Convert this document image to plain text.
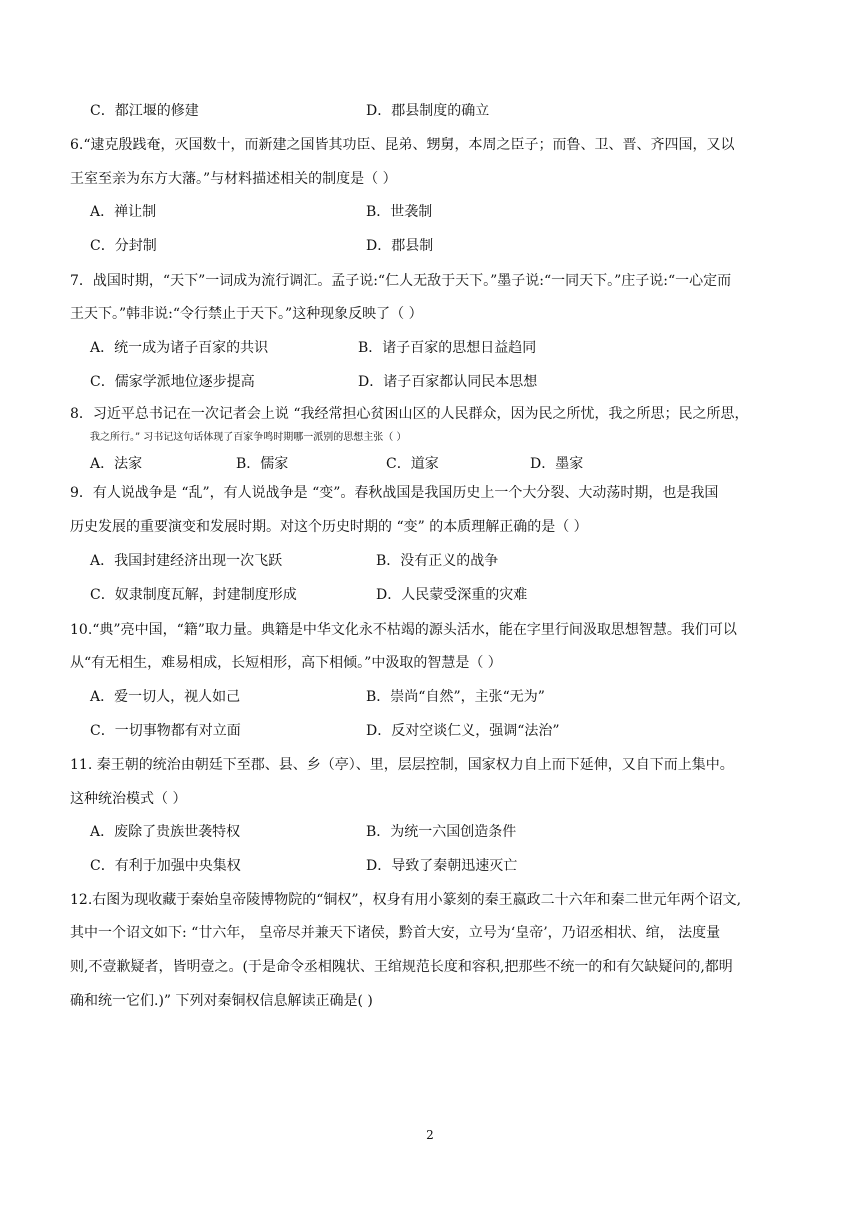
C．都江堰的修建	D．郡县制度的确立
6.“逮克殷践奄，灭国数十，而新建之国皆其功臣、昆弟、甥舅，本周之臣子；而鲁、卫、晋、齐四国，又以
王室至亲为东方大藩。”与材料描述相关的制度是（ ）
A．禅让制	B．世袭制
C．分封制	D．郡县制
7．战国时期，“天下”一词成为流行调汇。孟子说:“仁人无敌于天下。”墨子说:“一同天下。”庄子说:“一心定而
王天下。”韩非说:“令行禁止于天下。”这种现象反映了（ ）
A．统一成为诸子百家的共识	B．诸子百家的思想日益趋同
C．儒家学派地位逐步提高	D．诸子百家都认同民本思想
8．习近平总书记在一次记者会上说 “我经常担心贫困山区的人民群众，因为民之所忧，我之所思；民之所思，
我之所行。” 习书记这句话体现了百家争鸣时期哪一派别的思想主张（ ）
A．法家	B．儒家	C．道家	D．墨家
9．有人说战争是 “乱”，有人说战争是 “变”。春秋战国是我国历史上一个大分裂、大动荡时期，也是我国
历史发展的重要演变和发展时期。对这个历史时期的 “变” 的本质理解正确的是（ ）
A．我国封建经济出现一次飞跃	B．没有正义的战争
C．奴隶制度瓦解，封建制度形成	D．人民蒙受深重的灾难
10.“典”亮中国，“籍”取力量。典籍是中华文化永不枯竭的源头活水，能在字里行间汲取思想智慧。我们可以
从“有无相生，难易相成，长短相形，高下相倾。”中汲取的智慧是（ ）
A．爱一切人，视人如己	B．崇尚“自然”，主张“无为”
C．一切事物都有对立面	D．反对空谈仁义，强调“法治”
11. 秦王朝的统治由朝廷下至郡、县、乡（亭）、里，层层控制，国家权力自上而下延伸，又自下而上集中。
这种统治模式（ ）
A．废除了贵族世袭特权	B．为统一六国创造条件
C．有利于加强中央集权	D．导致了秦朝迅速灭亡
12.右图为现收藏于秦始皇帝陵博物院的“铜权”，权身有用小篆刻的秦王嬴政二十六年和秦二世元年两个诏文,
其中一个诏文如下: “廿六年， 皇帝尽并兼天下诸侯，黔首大安，立号为‘皇帝’，乃诏丞相状、绾， 法度量
则,不壹歉疑者，皆明壹之。(于是命令丞相隗状、王绾规范长度和容积,把那些不统一的和有欠缺疑问的,都明
确和统一它们.)” 下列对秦铜权信息解读正确是( )
2
